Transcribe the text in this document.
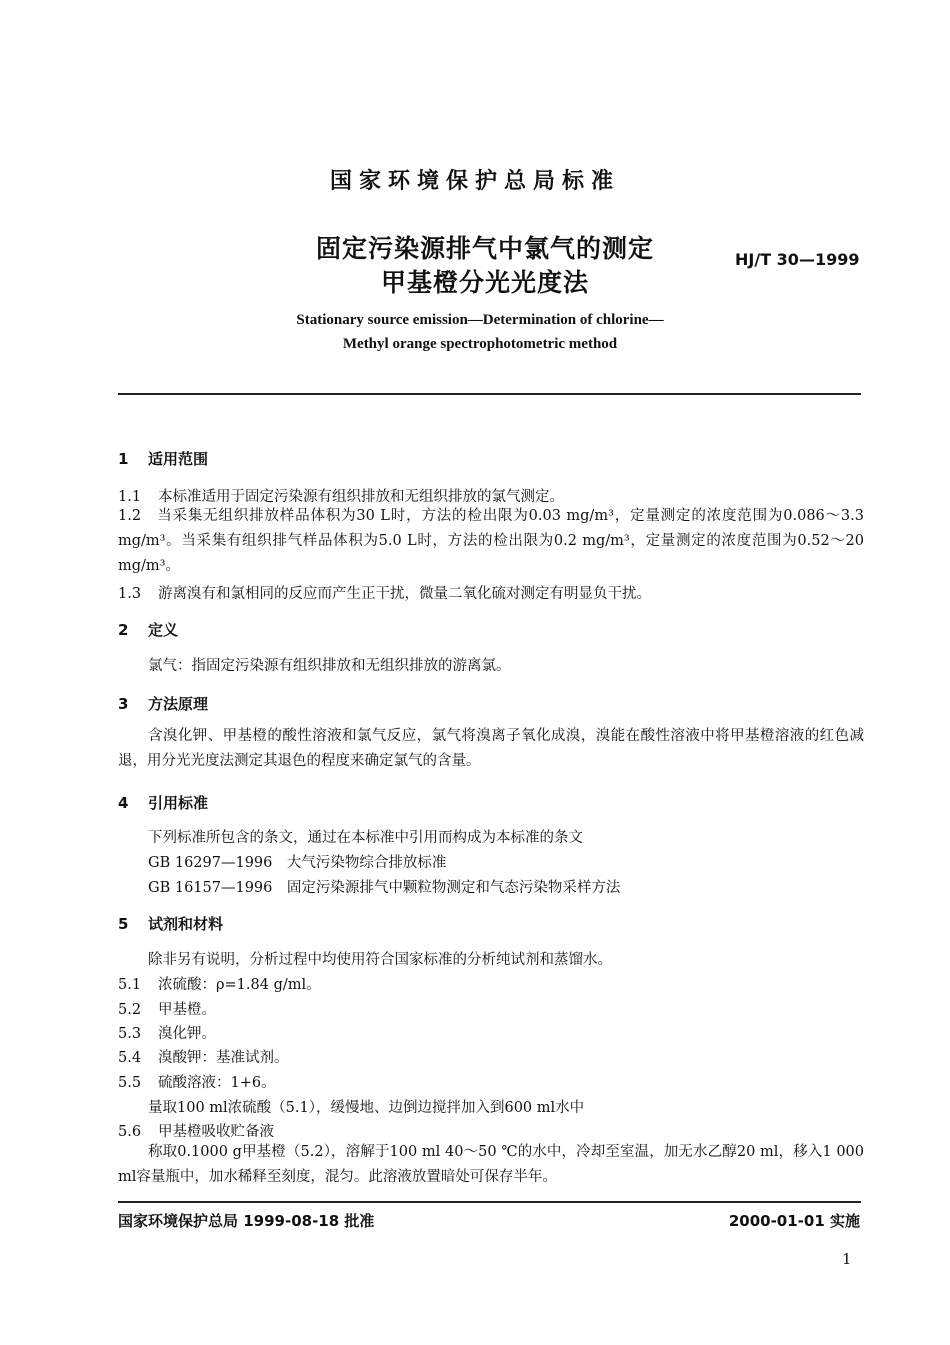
国家环境保护总局标准
固定污染源排气中氯气的测定
甲基橙分光光度法
HJ/T 30—1999
Stationary source emission—Determination of chlorine—
Methyl orange spectrophotometric method
1 适用范围
1.1 本标准适用于固定污染源有组织排放和无组织排放的氯气测定。
1.2　当采集无组织排放样品体积为30 L时，方法的检出限为0.03 mg/m³，定量测定的浓度范围为0.086～3.3 mg/m³。当采集有组织排气样品体积为5.0 L时，方法的检出限为0.2 mg/m³，定量测定的浓度范围为0.52～20 mg/m³。
1.3 游离溴有和氯相同的反应而产生正干扰，微量二氧化硫对测定有明显负干扰。
2 定义
氯气：指固定污染源有组织排放和无组织排放的游离氯。
3 方法原理
含溴化钾、甲基橙的酸性溶液和氯气反应，氯气将溴离子氧化成溴，溴能在酸性溶液中将甲基橙溶液的红色减退，用分光光度法测定其退色的程度来确定氯气的含量。
4 引用标准
下列标准所包含的条文，通过在本标准中引用而构成为本标准的条文
GB 16297—1996　大气污染物综合排放标准
GB 16157—1996　固定污染源排气中颗粒物测定和气态污染物采样方法
5 试剂和材料
除非另有说明，分析过程中均使用符合国家标准的分析纯试剂和蒸馏水。
5.1 浓硫酸：ρ=1.84 g/ml。
5.2 甲基橙。
5.3 溴化钾。
5.4 溴酸钾：基准试剂。
5.5 硫酸溶液：1+6。
量取100 ml浓硫酸（5.1），缓慢地、边倒边搅拌加入到600 ml水中
5.6 甲基橙吸收贮备液
称取0.1000 g甲基橙（5.2），溶解于100 ml 40～50 ℃的水中，冷却至室温，加无水乙醇20 ml，移入1 000 ml容量瓶中，加水稀释至刻度，混匀。此溶液放置暗处可保存半年。
国家环境保护总局 1999-08-18 批准	2000-01-01 实施
1
